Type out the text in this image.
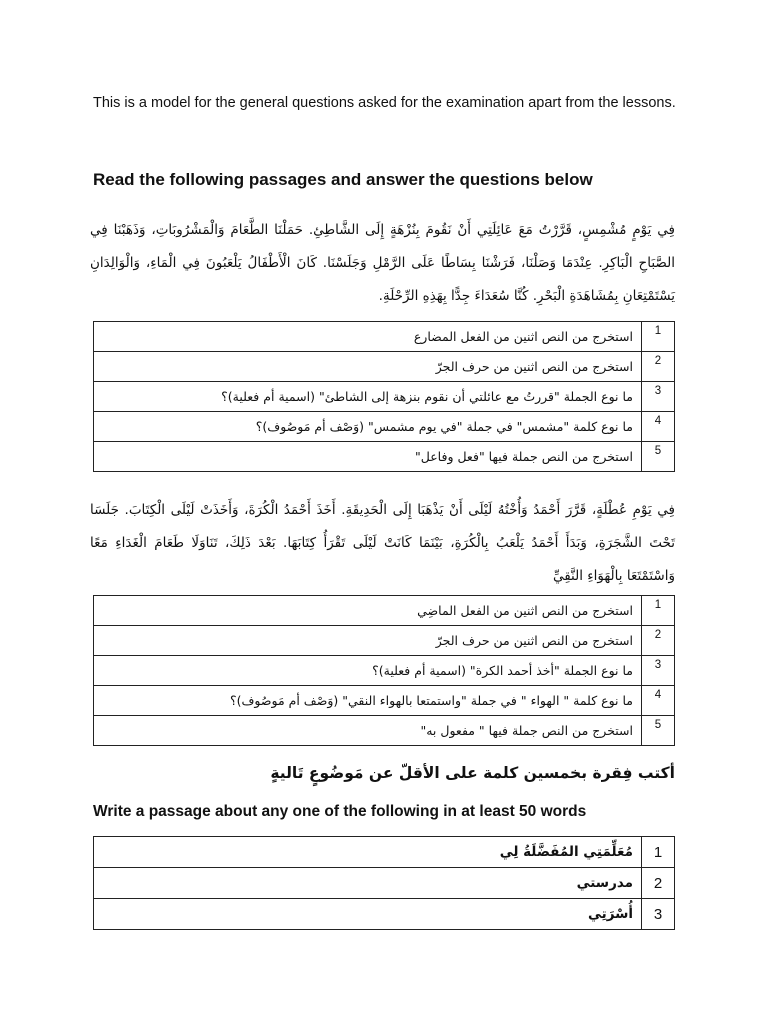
This is a model for the general questions asked for the examination apart from the lessons.
Read the following passages and answer the questions below
فِي يَوْمٍ مُشْمِسٍ، قَرَّرْتُ مَعَ عَائِلَتِي أَنْ نَقُومَ بِنُزْهَةٍ إِلَى الشَّاطِئِ. حَمَلْنَا الطَّعَامَ وَالْمَشْرُوبَاتِ، وَذَهَبْنَا فِي الصَّبَاحِ الْبَاكِرِ. عِنْدَمَا وَصَلْنَا، فَرَشْنَا بِسَاطًا عَلَى الرَّمْلِ وَجَلَسْنَا. كَانَ الْأَطْفَالُ يَلْعَبُونَ فِي الْمَاءِ، وَالْوَالِدَانِ يَسْتَمْتِعَانِ بِمُشَاهَدَةِ الْبَحْرِ. كُنَّا سُعَدَاءَ جِدًّا بِهَذِهِ الرِّحْلَةِ.
1	استخرج من النص اثنين من الفعل المضارع
2	استخرج من النص اثنين من حرف الجرّ
3	ما نوع الجملة "قررتُ مع عائلتي أن نقوم بنزهة إلى الشاطئ" (اسمية أم فعلية)؟
4	ما نوع كلمة "مشمس" في جملة "في يوم مشمس" (وَصْف أم مَوصُوف)؟
5	استخرج من النص جملة فيها "فعل وفاعل"
فِي يَوْمِ عُطْلَةٍ، قَرَّرَ أَحْمَدُ وَأُخْتُهُ لَيْلَى أَنْ يَذْهَبَا إِلَى الْحَدِيقَةِ. أَخَذَ أَحْمَدُ الْكُرَةَ، وَأَخَذَتْ لَيْلَى الْكِتَابَ. جَلَسَا تَحْتَ الشَّجَرَةِ، وَبَدَأَ أَحْمَدُ يَلْعَبُ بِالْكُرَةِ، بَيْنَمَا كَانَتْ لَيْلَى تَقْرَأُ كِتَابَهَا. بَعْدَ ذَلِكَ، تَنَاوَلَا طَعَامَ الْغَدَاءِ مَعًا وَاسْتَمْتَعَا بِالْهَوَاءِ النَّقِيِّ
1	استخرج من النص اثنين من الفعل الماضِي
2	استخرج من النص اثنين من حرف الجرّ
3	ما نوع الجملة "أخذ أحمد الكرة" (اسمية أم فعلية)؟
4	ما نوع كلمة " الهواء " في جملة "واستمتعا بالهواء النقي" (وَصْف أم مَوصُوف)؟
5	استخرج من النص جملة فيها " مفعول به"
أكتب فِقرة بخمسين كلمة على الأقلّ عن مَوضُوعٍ تَاليةٍ
Write a passage about any one of the following in at least 50 words
1	مُعَلِّمَتِي المُفَضَّلَةُ لِي
2	مدرستي
3	أُسْرَتِي
